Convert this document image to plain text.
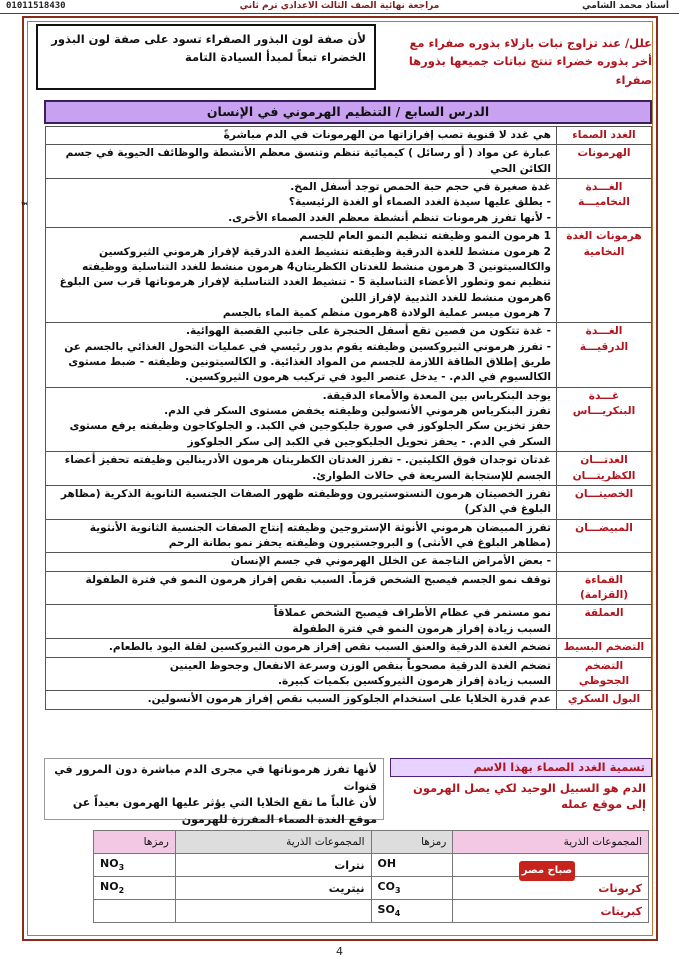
01011518430	مراجعة نهائية الصف الثالث الاعدادي ترم ثاني	أستاذ محمد الشامي
علل/ عند تزاوج نبات بازلاء بذوره صفراء مع أخر بذوره خضراء تنتج نباتات جميعها بذورها صفراء
لأن صفة لون البذور الصفراء تسود على صفة لون البذور الخضراء تبعاً لمبدأ السيادة التامة
الدرس السابع / التنظيم الهرموني في الإنسان
™
الغدد الصماء	هي غدد لا قنوية تصب إفرازاتها من الهرمونات في الدم مباشرةً

الهرمونات	عبارة عن مواد ( أو رسائل ) كيميائية تنظم وتنسق معظم الأنشطة والوظائف الحيوية في جسم الكائن الحي

الغـــدة
النخاميـــة	غدة صغيرة في حجم حبة الحمص توجد أسفل المخ.
- يطلق عليها سيدة الغدد الصماء أو الغدة الرئيسية؟
- لأنها تفرز هرمونات تنظم أنشطة معظم الغدد الصماء الأخرى.

هرمونات الغدة
النخامية	1 هرمون النمو وظيفته تنظيم النمو العام للجسم
2 هرمون منشط للغدة الدرقية وظيفته تنشيط الغدة الدرقية لإفراز هرموني الثيروكسين والكالسيتونين 3 هرمون منشط للغدتان الكظريتان4 هرمون منشط للغدد التناسلية ووظيفته تنظيم نمو وتطور الأعضاء التناسلية 5 - تنشيط الغدد التناسلية لإفراز هرموناتها قرب سن البلوغ 6هرمون منشط للغدد الثديية لإفراز اللبن
7 هرمون ميسر عملية الولادة 8هرمون منظم كمية الماء بالجسم

الغـــدة
الدرقيـــة	- غدة تتكون من فصين تقع أسفل الحنجرة على جانبي القصبة الهوائية.
- تفرز هرموني الثيروكسين وظيفته يقوم بدور رئيسي في عمليات التحول الغذائي بالجسم عن طريق إطلاق الطاقة اللازمة للجسم من المواد الغذائية. و الكالسيتونين وظيفته - ضبط مستوى الكالسيوم في الدم. - يدخل عنصر اليود في تركيب هرمون الثيروكسين.

غـــدة
البنكريـــاس	يوجد البنكرياس بين المعدة والأمعاء الدقيقة.
تفرز البنكرياس هرموني الأنسولين وظيفته يخفض مستوى السكر في الدم.
حفز تخزين سكر الجلوكوز في صورة جليكوجين في الكبد. و الجلوكاجون وظيفته يرفع مستوى السكر في الدم. - يحفز تحويل الجليكوجين في الكبد إلى سكر الجلوكوز

الغدتـــان
الكظريتـــان	غدتان توجدان فوق الكليتين. - تفرز الغدتان الكظريتان هرمون الأدرينالين وظيفته تحفيز أعضاء الجسم للإستجابة السريعة في حالات الطوارئ.

الخصيتـــان	تفرز الخصيتان هرمون التستوستيرون ووظيفته ظهور الصفات الجنسية الثانوية الذكرية (مظاهر البلوغ في الذكر)

المبيضـــان	تفرز المبيضان هرموني الأنوثة الإستروجين وظيفته إنتاج الصفات الجنسية الثانوية الأنثوية (مظاهر البلوغ في الأنثى) و البروجستيرون وظيفته يحفز نمو بطانة الرحم

	- بعض الأمراض الناجمة عن الخلل الهرموني في جسم الإنسان

القماءة (القزامة)	توقف نمو الجسم فيصبح الشخص قزماً. السبب نقص إفراز هرمون النمو في فترة الطفولة

العملقة	نمو مستمر في عظام الأطراف فيصبح الشخص عملاقاً
السبب زيادة إفراز هرمون النمو في فترة الطفولة

التضخم البسيط	تضخم الغدة الدرقية والعنق السبب نقص إفراز هرمون الثيروكسين لقلة اليود بالطعام.

التضخم الجحوظي	تضخم الغدة الدرقية مصحوباً بنقص الوزن وسرعة الانفعال وجحوظ العينين
السبب زيادة إفراز هرمون الثيروكسين بكميات كبيرة.

البول السكري	عدم قدرة الخلايا على استخدام الجلوكوز السبب نقص إفراز هرمون الأنسولين.
لأنها تفرز هرموناتها في مجرى الدم مباشرة دون المرور في قنوات
لأن غالباً ما تقع الخلايا التي يؤثر عليها الهرمون بعيداً عن موقع الغدة الصماء المفرزة للهرمون
تسمية الغدد الصماء بهذا الاسم
الدم هو السبيل الوحيد لكي يصل الهرمون إلى موقع عمله
المجموعات الذرية	رمزها	المجموعات الذرية	رمزها
	OH	نترات	$NO_3$
كربونات	$CO_3$	نيتريت	$NO_2$
كبريتات	$SO_4$		
صباح مصر
4
